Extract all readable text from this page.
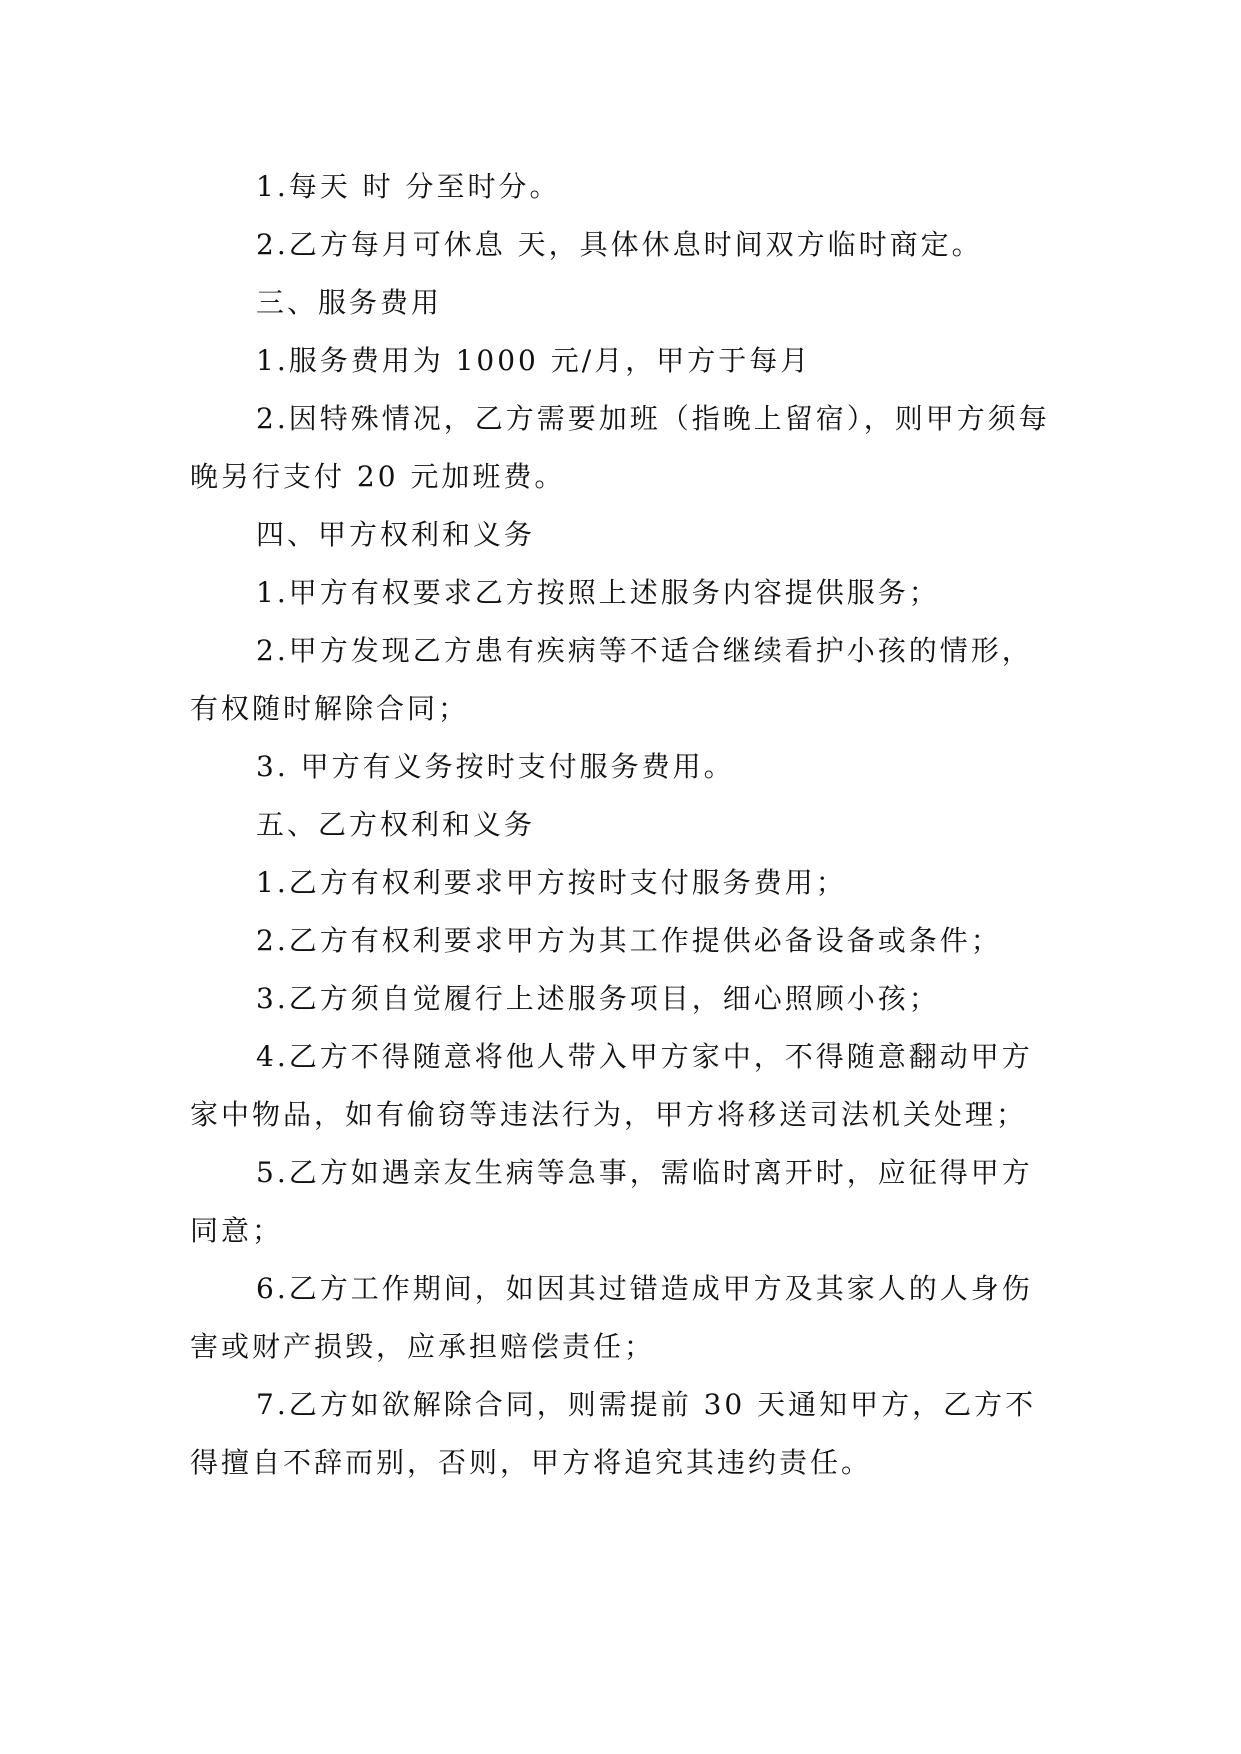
1.每天 时 分至时分。

2.乙方每月可休息 天，具体休息时间双方临时商定。

三、服务费用

1.服务费用为 1000 元/月，甲方于每月

2.因特殊情况，乙方需要加班（指晚上留宿），则甲方须每晚另行支付 20 元加班费。

四、甲方权利和义务

1.甲方有权要求乙方按照上述服务内容提供服务；

2.甲方发现乙方患有疾病等不适合继续看护小孩的情形，有权随时解除合同；

3. 甲方有义务按时支付服务费用。

五、乙方权利和义务

1.乙方有权利要求甲方按时支付服务费用；

2.乙方有权利要求甲方为其工作提供必备设备或条件；

3.乙方须自觉履行上述服务项目，细心照顾小孩；

4.乙方不得随意将他人带入甲方家中，不得随意翻动甲方家中物品，如有偷窃等违法行为，甲方将移送司法机关处理；

5.乙方如遇亲友生病等急事，需临时离开时，应征得甲方同意；

6.乙方工作期间，如因其过错造成甲方及其家人的人身伤害或财产损毁，应承担赔偿责任；

7.乙方如欲解除合同，则需提前 30 天通知甲方，乙方不得擅自不辞而别，否则，甲方将追究其违约责任。
